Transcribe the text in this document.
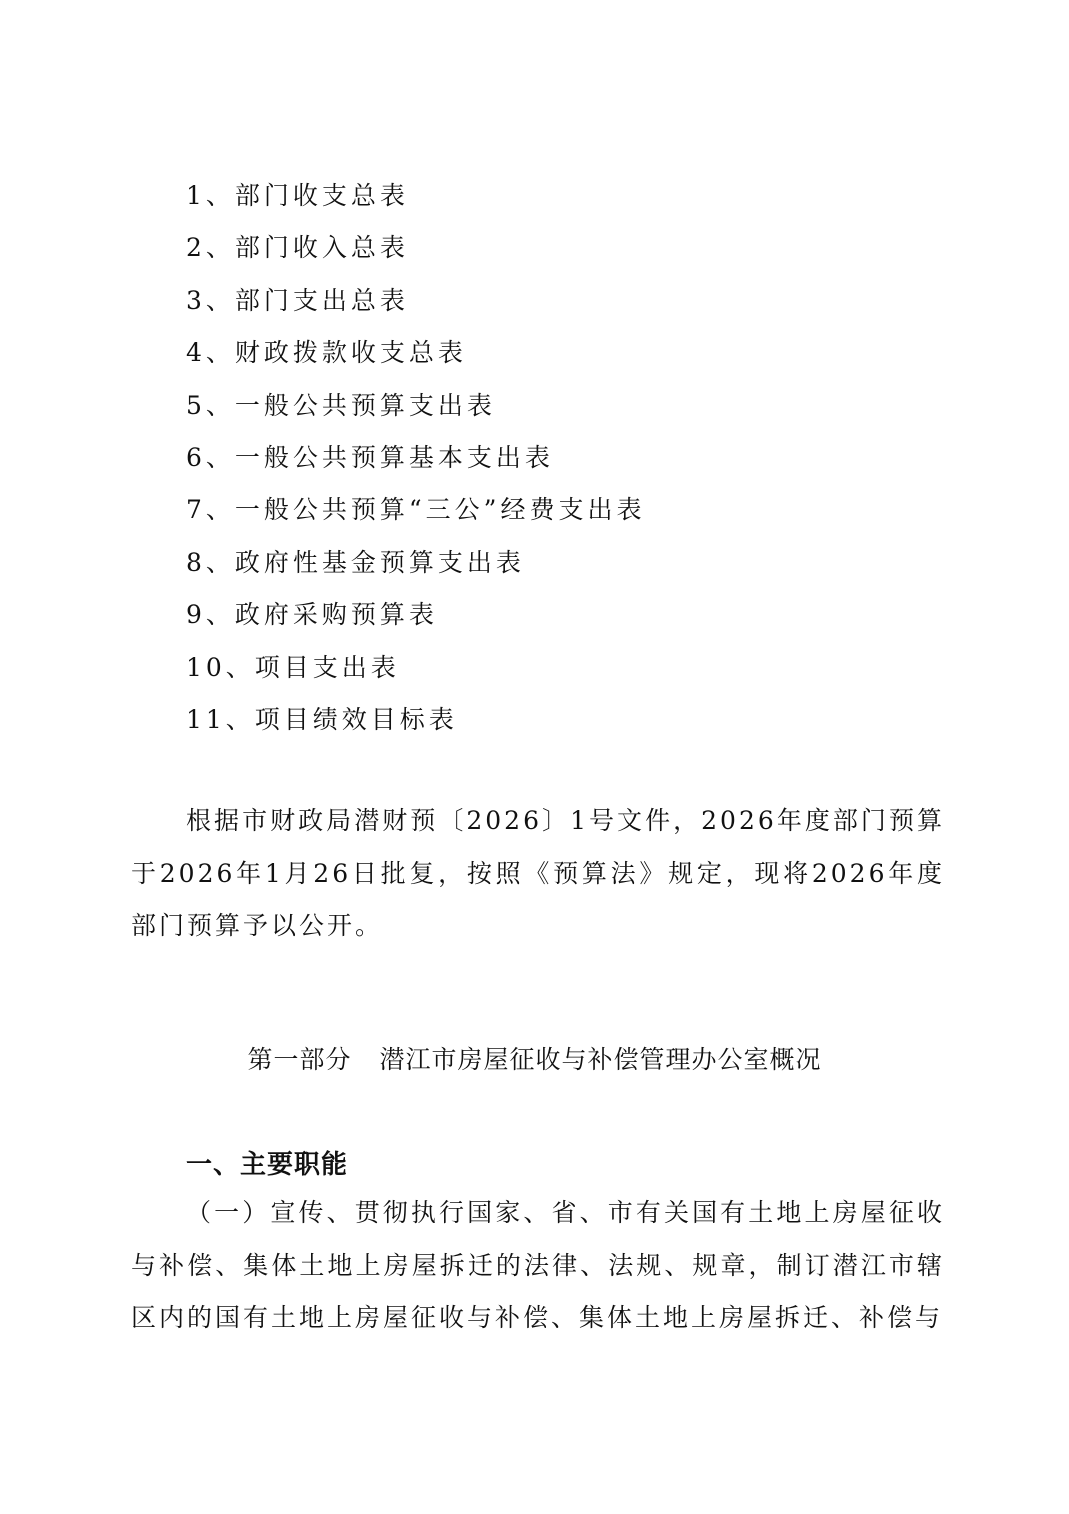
1、部门收支总表
2、部门收入总表
3、部门支出总表
4、财政拨款收支总表
5、一般公共预算支出表
6、一般公共预算基本支出表
7、一般公共预算“三公”经费支出表
8、政府性基金预算支出表
9、政府采购预算表
10、项目支出表
11、项目绩效目标表

根据市财政局潜财预〔2026〕1号文件，2026年度部门预算于2026年1月26日批复，按照《预算法》规定，现将2026年度部门预算予以公开。

第一部分 潜江市房屋征收与补偿管理办公室概况
一、主要职能

（一）宣传、贯彻执行国家、省、市有关国有土地上房屋征收与补偿、集体土地上房屋拆迁的法律、法规、规章，制订潜江市辖区内的国有土地上房屋征收与补偿、集体土地上房屋拆迁、补偿与
